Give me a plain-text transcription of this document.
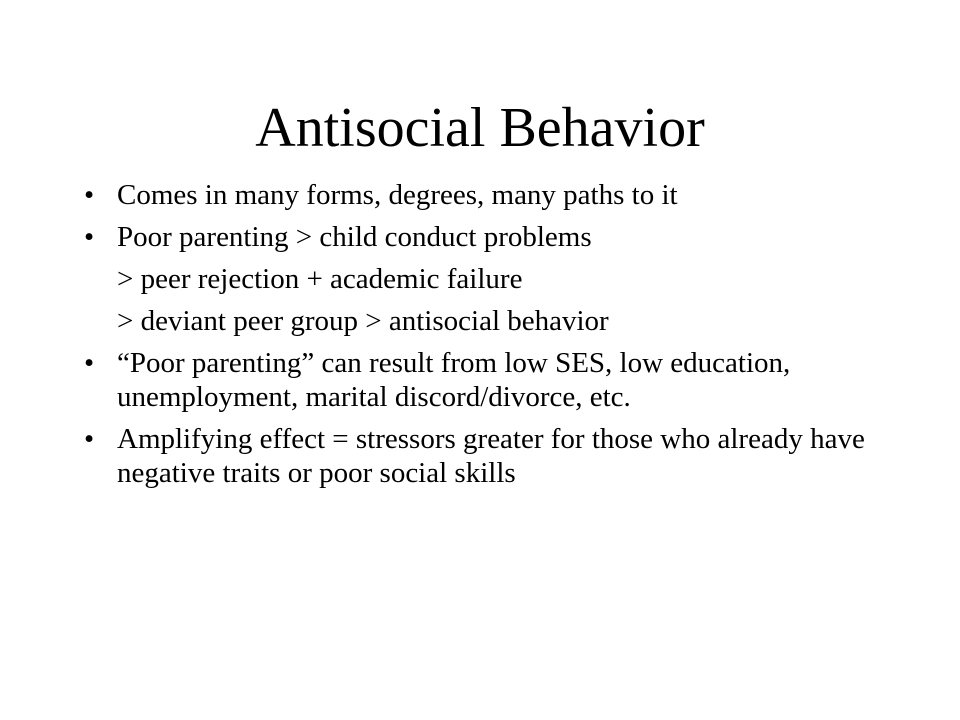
Antisocial Behavior
• Comes in many forms, degrees, many paths to it
• Poor parenting > child conduct problems
> peer rejection + academic failure
> deviant peer group > antisocial behavior
• “Poor parenting” can result from low SES, low education, unemployment, marital discord/divorce, etc.
• Amplifying effect = stressors greater for those who already have negative traits or poor social skills
